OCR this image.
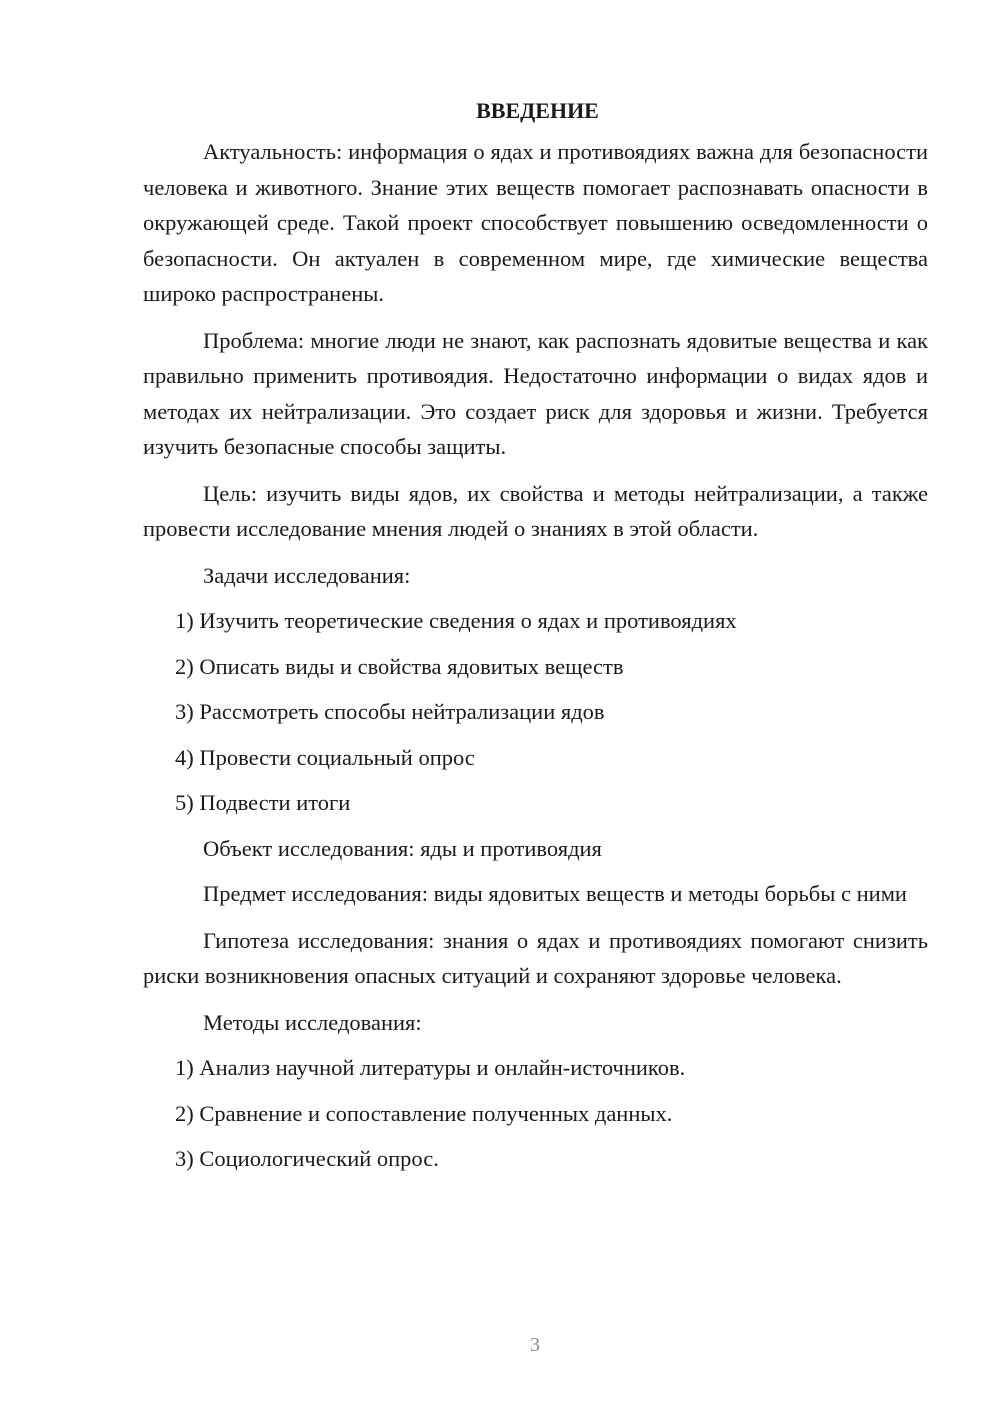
ВВЕДЕНИЕ

Актуальность: информация о ядах и противоядиях важна для безопасности человека и животного. Знание этих веществ помогает распознавать опасности в окружающей среде. Такой проект способствует повышению осведомленности о безопасности. Он актуален в современном мире, где химические вещества широко распространены.

Проблема: многие люди не знают, как распознать ядовитые вещества и как правильно применить противоядия. Недостаточно информации о видах ядов и методах их нейтрализации. Это создает риск для здоровья и жизни. Требуется изучить безопасные способы защиты.

Цель: изучить виды ядов, их свойства и методы нейтрализации, а также провести исследование мнения людей о знаниях в этой области.

Задачи исследования:
1) Изучить теоретические сведения о ядах и противоядиях
2) Описать виды и свойства ядовитых веществ
3) Рассмотреть способы нейтрализации ядов
4) Провести социальный опрос
5) Подвести итоги
Объект исследования: яды и противоядия

Предмет исследования: виды ядовитых веществ и методы борьбы с ними

Гипотеза исследования: знания о ядах и противоядиях помогают снизить риски возникновения опасных ситуаций и сохраняют здоровье человека.

Методы исследования:
1) Анализ научной литературы и онлайн-источников.
2) Сравнение и сопоставление полученных данных.
3) Социологический опрос.
3
